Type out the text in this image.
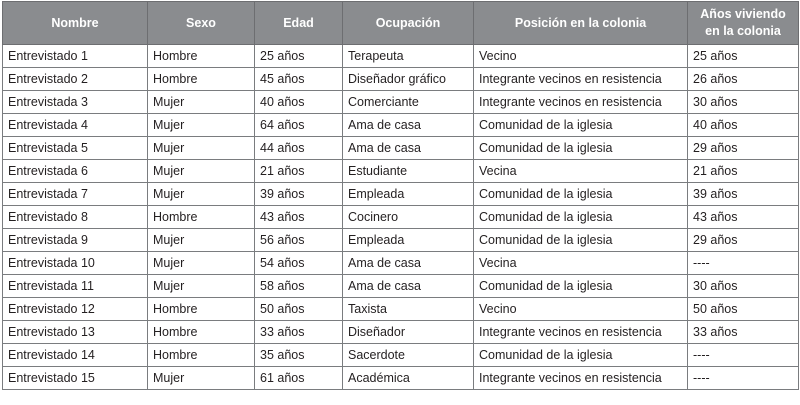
Nombre	Sexo	Edad	Ocupación	Posición en la colonia	Años viviendo en la colonia
Entrevistado 1	Hombre	25 años	Terapeuta	Vecino	25 años
Entrevistado 2	Hombre	45 años	Diseñador gráfico	Integrante vecinos en resistencia	26 años
Entrevistada 3	Mujer	40 años	Comerciante	Integrante vecinos en resistencia	30 años
Entrevistada 4	Mujer	64 años	Ama de casa	Comunidad de la iglesia	40 años
Entrevistada 5	Mujer	44 años	Ama de casa	Comunidad de la iglesia	29 años
Entrevistada 6	Mujer	21 años	Estudiante	Vecina	21 años
Entrevistada 7	Mujer	39 años	Empleada	Comunidad de la iglesia	39 años
Entrevistado 8	Hombre	43 años	Cocinero	Comunidad de la iglesia	43 años
Entrevistada 9	Mujer	56 años	Empleada	Comunidad de la iglesia	29 años
Entrevistada 10	Mujer	54 años	Ama de casa	Vecina	----
Entrevistada 11	Mujer	58 años	Ama de casa	Comunidad de la iglesia	30 años
Entrevistado 12	Hombre	50 años	Taxista	Vecino	50 años
Entrevistado 13	Hombre	33 años	Diseñador	Integrante vecinos en resistencia	33 años
Entrevistado 14	Hombre	35 años	Sacerdote	Comunidad de la iglesia	----
Entrevistado 15	Mujer	61 años	Académica	Integrante vecinos en resistencia	----
